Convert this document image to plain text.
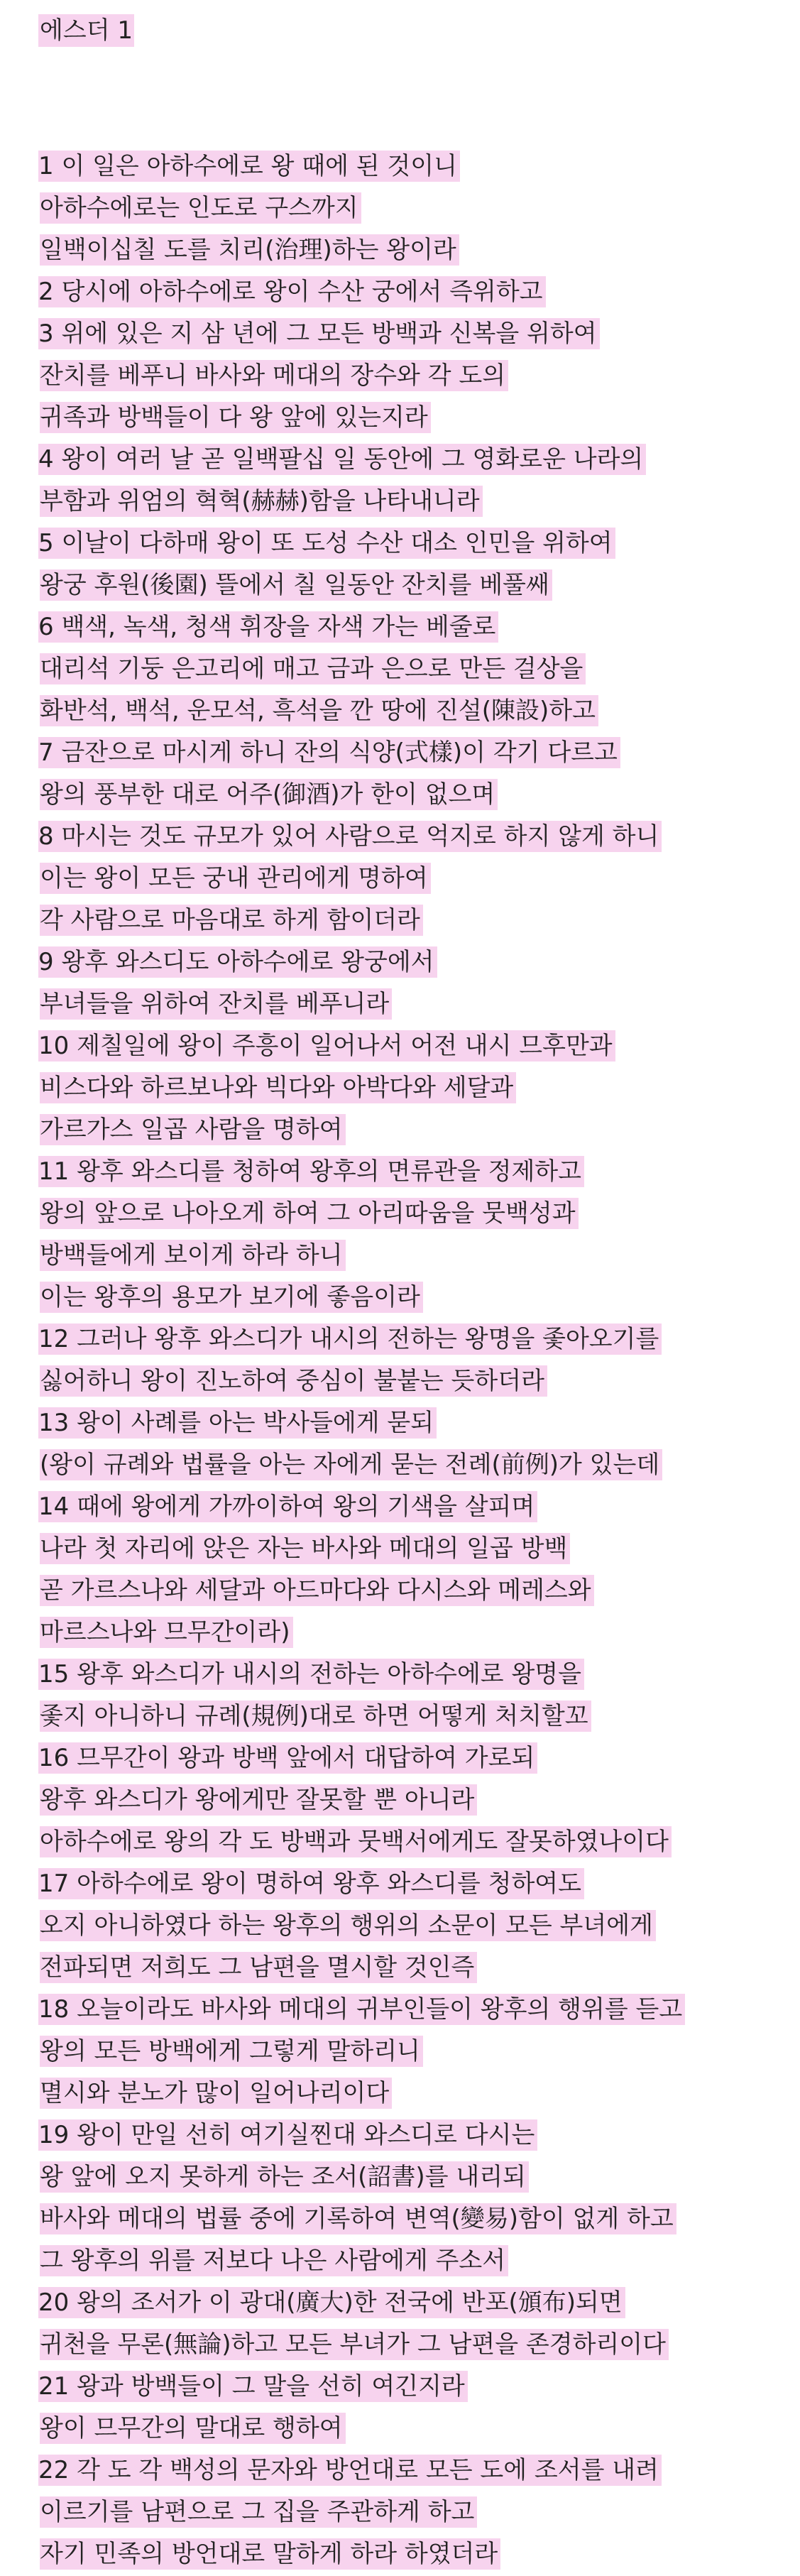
에스더 1
1 이 일은 아하수에로 왕 때에 된 것이니
아하수에로는 인도로 구스까지
일백이십칠 도를 치리(治理)하는 왕이라
2 당시에 아하수에로 왕이 수산 궁에서 즉위하고
3 위에 있은 지 삼 년에 그 모든 방백과 신복을 위하여
잔치를 베푸니 바사와 메대의 장수와 각 도의
귀족과 방백들이 다 왕 앞에 있는지라
4 왕이 여러 날 곧 일백팔십 일 동안에 그 영화로운 나라의
부함과 위엄의 혁혁(赫赫)함을 나타내니라
5 이날이 다하매 왕이 또 도성 수산 대소 인민을 위하여
왕궁 후원(後園) 뜰에서 칠 일동안 잔치를 베풀쌔
6 백색, 녹색, 청색 휘장을 자색 가는 베줄로
대리석 기둥 은고리에 매고 금과 은으로 만든 걸상을
화반석, 백석, 운모석, 흑석을 깐 땅에 진설(陳設)하고
7 금잔으로 마시게 하니 잔의 식양(式樣)이 각기 다르고
왕의 풍부한 대로 어주(御酒)가 한이 없으며
8 마시는 것도 규모가 있어 사람으로 억지로 하지 않게 하니
이는 왕이 모든 궁내 관리에게 명하여
각 사람으로 마음대로 하게 함이더라
9 왕후 와스디도 아하수에로 왕궁에서
부녀들을 위하여 잔치를 베푸니라
10 제칠일에 왕이 주흥이 일어나서 어전 내시 므후만과
비스다와 하르보나와 빅다와 아박다와 세달과
가르가스 일곱 사람을 명하여
11 왕후 와스디를 청하여 왕후의 면류관을 정제하고
왕의 앞으로 나아오게 하여 그 아리따움을 뭇백성과
방백들에게 보이게 하라 하니
이는 왕후의 용모가 보기에 좋음이라
12 그러나 왕후 와스디가 내시의 전하는 왕명을 좇아오기를
싫어하니 왕이 진노하여 중심이 불붙는 듯하더라
13 왕이 사례를 아는 박사들에게 묻되
(왕이 규례와 법률을 아는 자에게 묻는 전례(前例)가 있는데
14 때에 왕에게 가까이하여 왕의 기색을 살피며
나라 첫 자리에 앉은 자는 바사와 메대의 일곱 방백
곧 가르스나와 세달과 아드마다와 다시스와 메레스와
마르스나와 므무간이라)
15 왕후 와스디가 내시의 전하는 아하수에로 왕명을
좇지 아니하니 규례(規例)대로 하면 어떻게 처치할꼬
16 므무간이 왕과 방백 앞에서 대답하여 가로되
왕후 와스디가 왕에게만 잘못할 뿐 아니라
아하수에로 왕의 각 도 방백과 뭇백서에게도 잘못하였나이다
17 아하수에로 왕이 명하여 왕후 와스디를 청하여도
오지 아니하였다 하는 왕후의 행위의 소문이 모든 부녀에게
전파되면 저희도 그 남편을 멸시할 것인즉
18 오늘이라도 바사와 메대의 귀부인들이 왕후의 행위를 듣고
왕의 모든 방백에게 그렇게 말하리니
멸시와 분노가 많이 일어나리이다
19 왕이 만일 선히 여기실찐대 와스디로 다시는
왕 앞에 오지 못하게 하는 조서(詔書)를 내리되
바사와 메대의 법률 중에 기록하여 변역(變易)함이 없게 하고
그 왕후의 위를 저보다 나은 사람에게 주소서
20 왕의 조서가 이 광대(廣大)한 전국에 반포(頒布)되면
귀천을 무론(無論)하고 모든 부녀가 그 남편을 존경하리이다
21 왕과 방백들이 그 말을 선히 여긴지라
왕이 므무간의 말대로 행하여
22 각 도 각 백성의 문자와 방언대로 모든 도에 조서를 내려
이르기를 남편으로 그 집을 주관하게 하고
자기 민족의 방언대로 말하게 하라 하였더라
